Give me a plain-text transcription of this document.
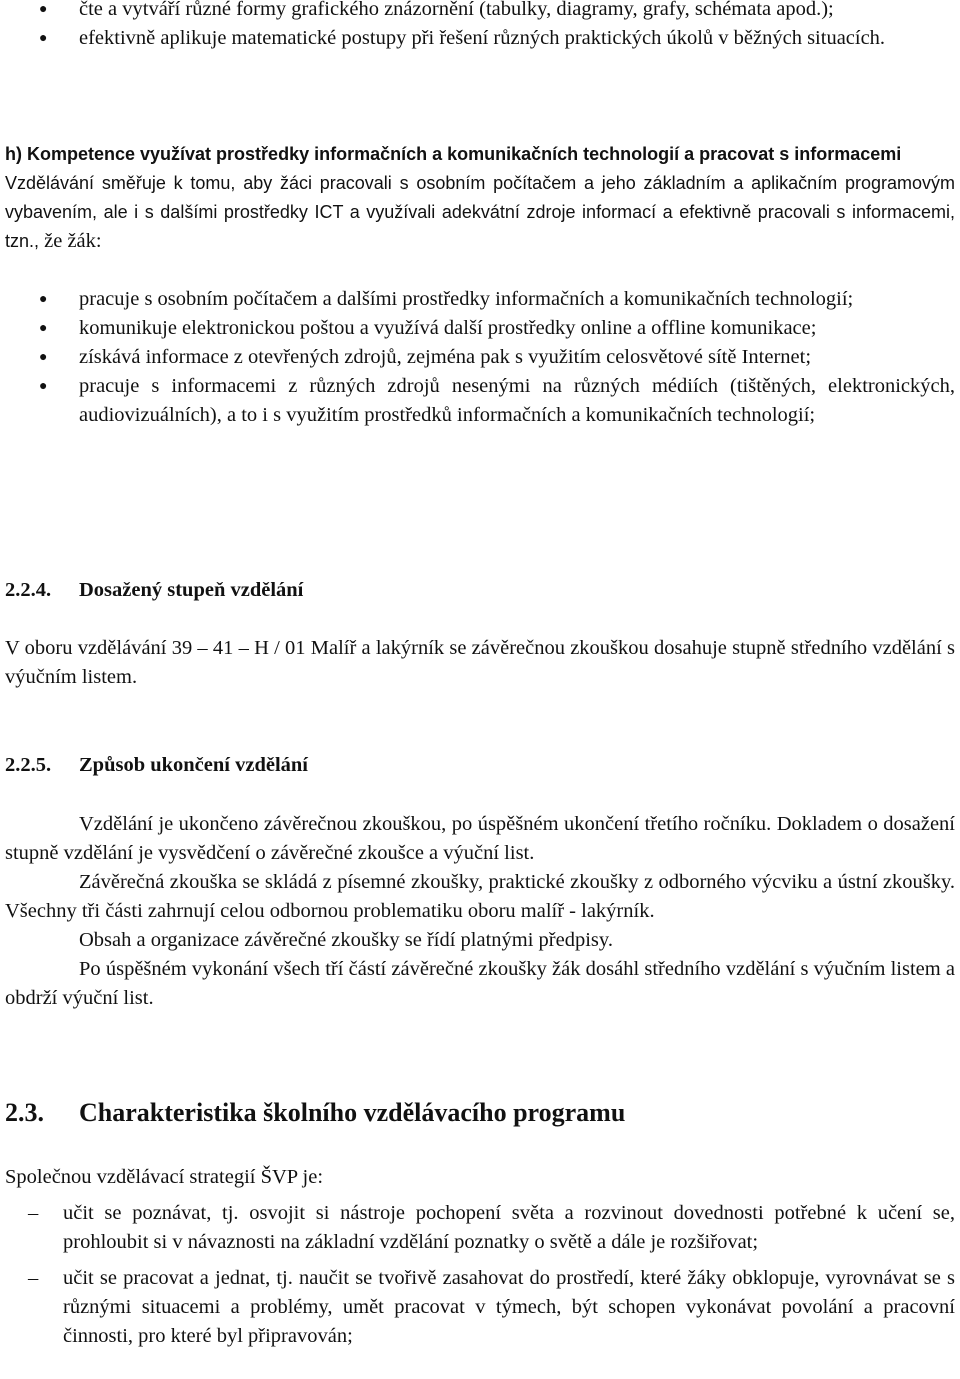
● čte a vytváří různé formy grafického znázornění (tabulky, diagramy, grafy, schémata apod.);
● efektivně aplikuje matematické postupy při řešení různých praktických úkolů v běžných situacích.
h) Kompetence využívat prostředky informačních a komunikačních technologií a pracovat s informacemi
Vzdělávání směřuje k tomu, aby žáci pracovali s osobním počítačem a jeho základním a aplikačním programovým vybavením, ale i s dalšími prostředky ICT a využívali adekvátní zdroje informací a efektivně pracovali s informacemi, tzn., že žák:
● pracuje s osobním počítačem a dalšími prostředky informačních a komunikačních technologií;
● komunikuje elektronickou poštou a využívá další prostředky online a offline komunikace;
● získává informace z otevřených zdrojů, zejména pak s využitím celosvětové sítě Internet;
● pracuje s informacemi z různých zdrojů nesenými na různých médiích (tištěných, elektronických, audiovizuálních), a to i s využitím prostředků informačních a komunikačních technologií;
2.2.4. Dosažený stupeň vzdělání
V oboru vzdělávání 39 – 41 – H / 01 Malíř a lakýrník se závěrečnou zkouškou dosahuje stupně středního vzdělání s výučním listem.
2.2.5. Způsob ukončení vzdělání

Vzdělání je ukončeno závěrečnou zkouškou, po úspěšném ukončení třetího ročníku. Dokladem o dosažení stupně vzdělání je vysvědčení o závěrečné zkoušce a výuční list.

Závěrečná zkouška se skládá z písemné zkoušky, praktické zkoušky z odborného výcviku a ústní zkoušky. Všechny tři části zahrnují celou odbornou problematiku oboru malíř - lakýrník.

Obsah a organizace závěrečné zkoušky se řídí platnými předpisy.

Po úspěšném vykonání všech tří částí závěrečné zkoušky žák dosáhl středního vzdělání s výučním listem a obdrží výuční list.

2.3. Charakteristika školního vzdělávacího programu
Společnou vzdělávací strategií ŠVP je:
– učit se poznávat, tj. osvojit si nástroje pochopení světa a rozvinout dovednosti potřebné k učení se, prohloubit si v návaznosti na základní vzdělání poznatky o světě a dále je rozšiřovat;
– učit se pracovat a jednat, tj. naučit se tvořivě zasahovat do prostředí, které žáky obklopuje, vyrovnávat se s různými situacemi a problémy, umět pracovat v týmech, být schopen vykonávat povolání a pracovní činnosti, pro které byl připravován;
